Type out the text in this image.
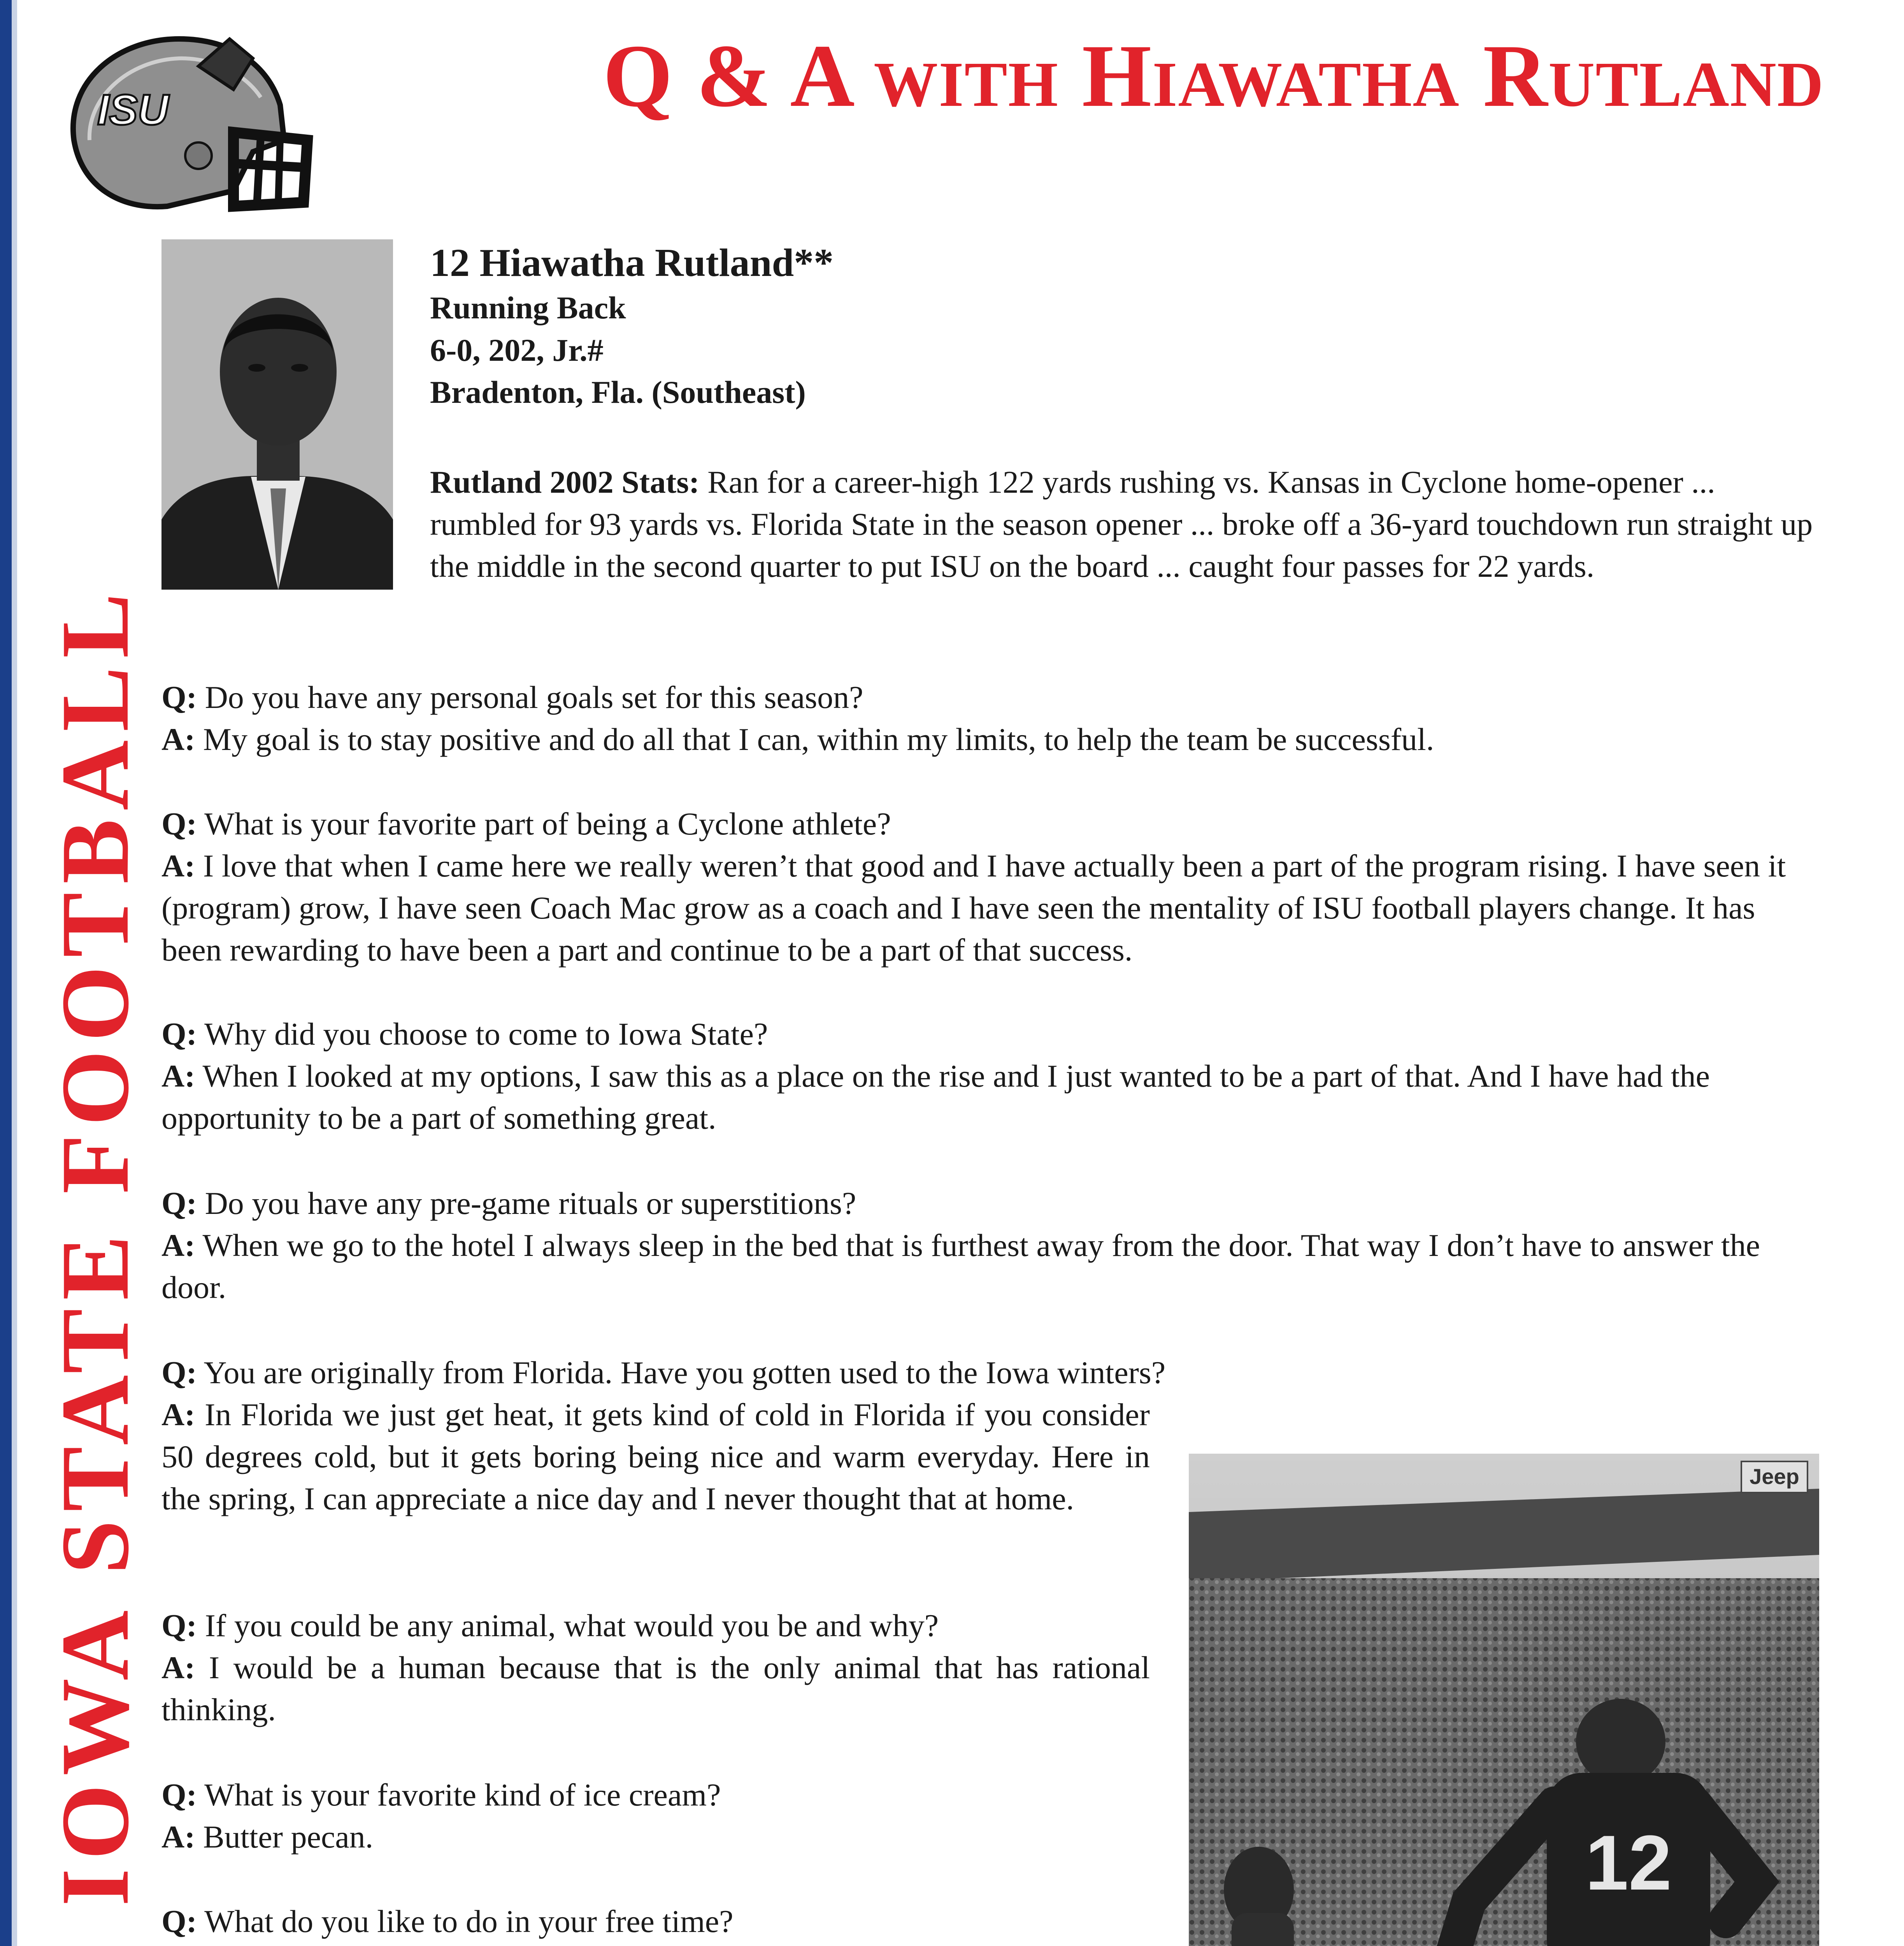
ISU	Q & A WITH HIAWATHA RUTLAND
IOWA STATE FOOTBALL

12 Hiawatha Rutland**

Running Back

6-0, 202, Jr.#

Bradenton, Fla. (Southeast)

Rutland 2002 Stats: Ran for a career-high 122 yards rushing vs. Kansas in Cyclone home-opener ... rumbled for 93 yards vs. Florida State in the season opener ... broke off a 36-yard touchdown run straight up the middle in the second quarter to put ISU on the board ... caught four passes for 22 yards.

Q: Do you have any personal goals set for this season?

A: My goal is to stay positive and do all that I can, within my limits, to help the team be successful.

Q: What is your favorite part of being a Cyclone athlete?

A: I love that when I came here we really weren’t that good and I have actually been a part of the program rising. I have seen it (program) grow, I have seen Coach Mac grow as a coach and I have seen the mentality of ISU football players change. It has been rewarding to have been a part and continue to be a part of that success.

Q: Why did you choose to come to Iowa State?

A: When I looked at my options, I saw this as a place on the rise and I just wanted to be a part of that. And I have had the opportunity to be a part of something great.

Q: Do you have any pre-game rituals or superstitions?

A: When we go to the hotel I always sleep in the bed that is furthest away from the door. That way I don’t have to answer the door.

Q: You are originally from Florida. Have you gotten used to the Iowa winters?

A: In Florida we just get heat, it gets kind of cold in Florida if you consider 50 degrees cold, but it gets boring being nice and warm everyday. Here in the spring, I can appreciate a nice day and I never thought that at home.

Q: If you could be any animal, what would you be and why?

A: I would be a human because that is the only animal that has rational thinking.

Q: What is your favorite kind of ice cream?

A: Butter pecan.

Q: What do you like to do in your free time?

Jeep
12
